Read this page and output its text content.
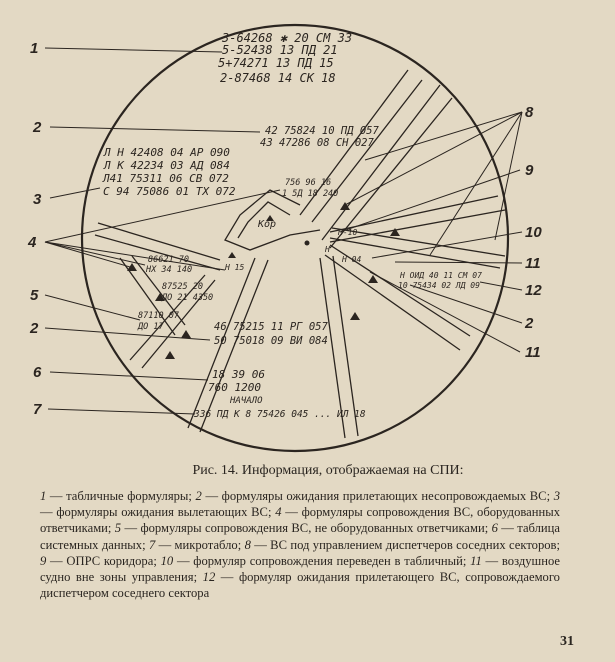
3-64268 ✱ 20 СМ 33
5-52438 13 ПД 21
5+74271 13 ПД 15
2-87468 14 СК 18
42 75824 10 ПД 057
43 47286 08 СН 027
Л Н 42408 04 АР 090
Л К 42234 03 АД 084
Л41 75311 06 СВ 072
С 94 75086 01 ТХ 072
756 96 16
1 5Д 18 240
86621 70
НХ 34 140
87525 20
ДО 21 4350
87110 07
ДО 17	46 75215 11 РГ 057
50 75018 09 ВИ 084
Н ОИД 40 11 СМ 07
10 75434 02 ЛД 09
18 39 06
760 1200
НАЧАЛО
336 ПД К 8 75426 045 ... ИЛ 18
Кор
Н-10
Н
Н 04
Н 15
1
2
3
4
5
2
6
7
8
9
10
11
12
2
11
Рис. 14. Информация, отображаемая на СПИ:
1 — табличные формуляры; 2 — формуляры ожидания прилетающих несопровождаемых ВС; 3 — формуляры ожидания вылетающих ВС; 4 — формуляры сопровождения ВС, оборудованных ответчиками; 5 — формуляры сопровождения ВС, не оборудованных ответчиками; 6 — таблица системных данных; 7 — микротабло; 8 — ВС под управлением диспетчеров соседних секторов; 9 — ОПРС коридора; 10 — формуляр сопровождения переведен в табличный; 11 — воздушное судно вне зоны управления; 12 — формуляр ожидания прилетающего ВС, сопровождаемого диспетчером соседнего сектора
31
